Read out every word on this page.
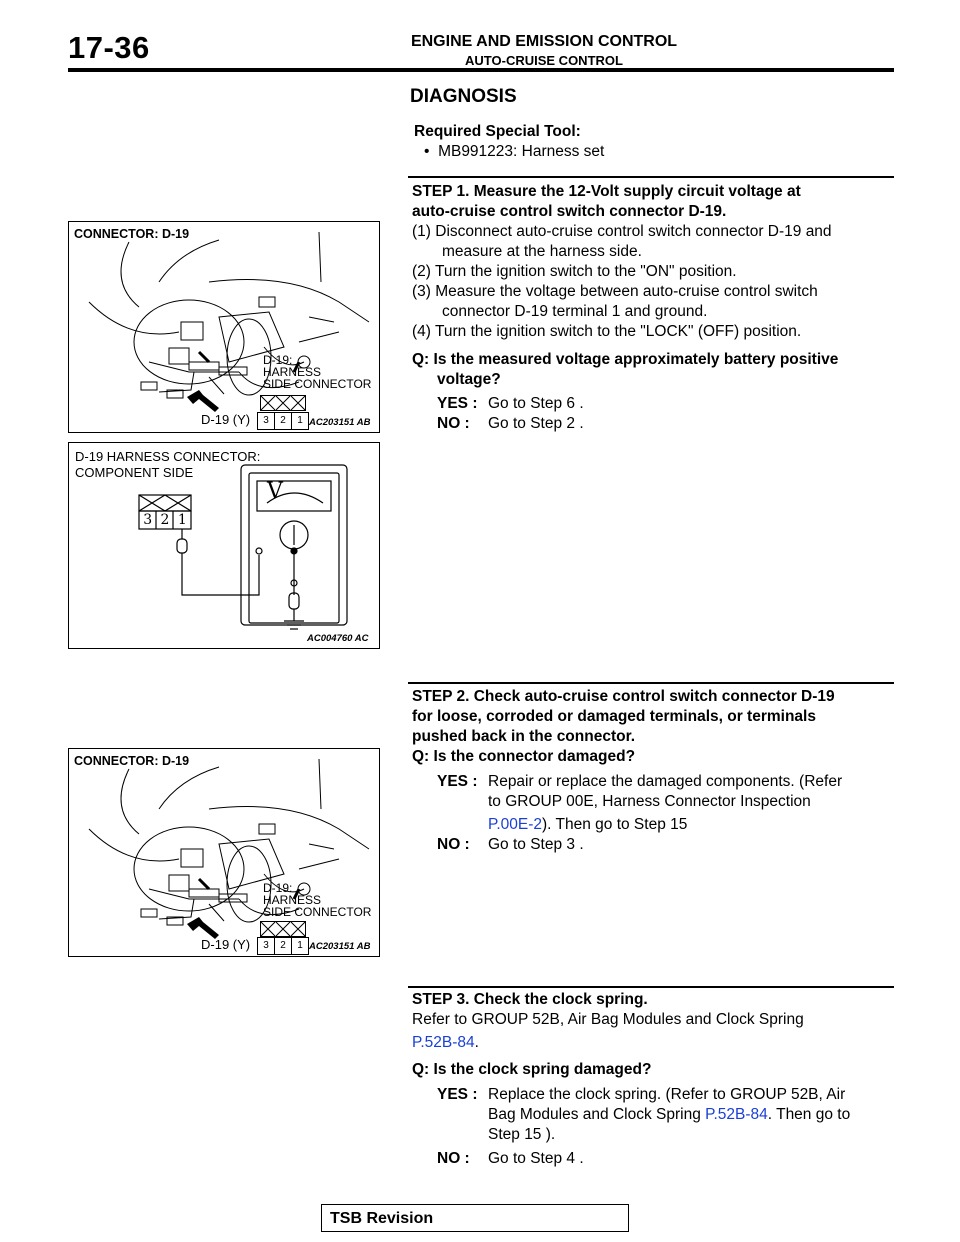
17-36	ENGINE AND EMISSION CONTROL
AUTO-CRUISE CONTROL
DIAGNOSIS
Required Special Tool:
• MB991223: Harness set
STEP 1. Measure the 12-Volt supply circuit voltage at
auto-cruise control switch connector D-19.
(1) Disconnect auto-cruise control switch connector D-19 and
measure at the harness side.
(2) Turn the ignition switch to the "ON" position.
(3) Measure the voltage between auto-cruise control switch
connector D-19 terminal 1 and ground.
(4) Turn the ignition switch to the "LOCK" (OFF) position.
Q: Is the measured voltage approximately battery positive
voltage?
YES : Go to Step 6 .
NO : Go to Step 2 .
STEP 2. Check auto-cruise control switch connector D-19
for loose, corroded or damaged terminals, or terminals
pushed back in the connector.
Q: Is the connector damaged?
YES : Repair or replace the damaged components. (Refer
to GROUP 00E, Harness Connector Inspection
P.00E-2). Then go to Step 15
NO : Go to Step 3 .
STEP 3. Check the clock spring.
Refer to GROUP 52B, Air Bag Modules and Clock Spring
P.52B-84.
Q: Is the clock spring damaged?
YES : Replace the clock spring. (Refer to GROUP 52B, Air
Bag Modules and Clock Spring P.52B-84. Then go to
Step 15 ).
NO : Go to Step 4 .
CONNECTOR: D-19
D-19:
HARNESS
SIDE CONNECTOR
D-19 (Y)	3	2	1 AC203151 AB
D-19 HARNESS CONNECTOR:
COMPONENT SIDE
3 2 1
V
AC004760 AC
CONNECTOR: D-19
D-19:
HARNESS
SIDE CONNECTOR
D-19 (Y)	3	2	1 AC203151 AB
TSB Revision
